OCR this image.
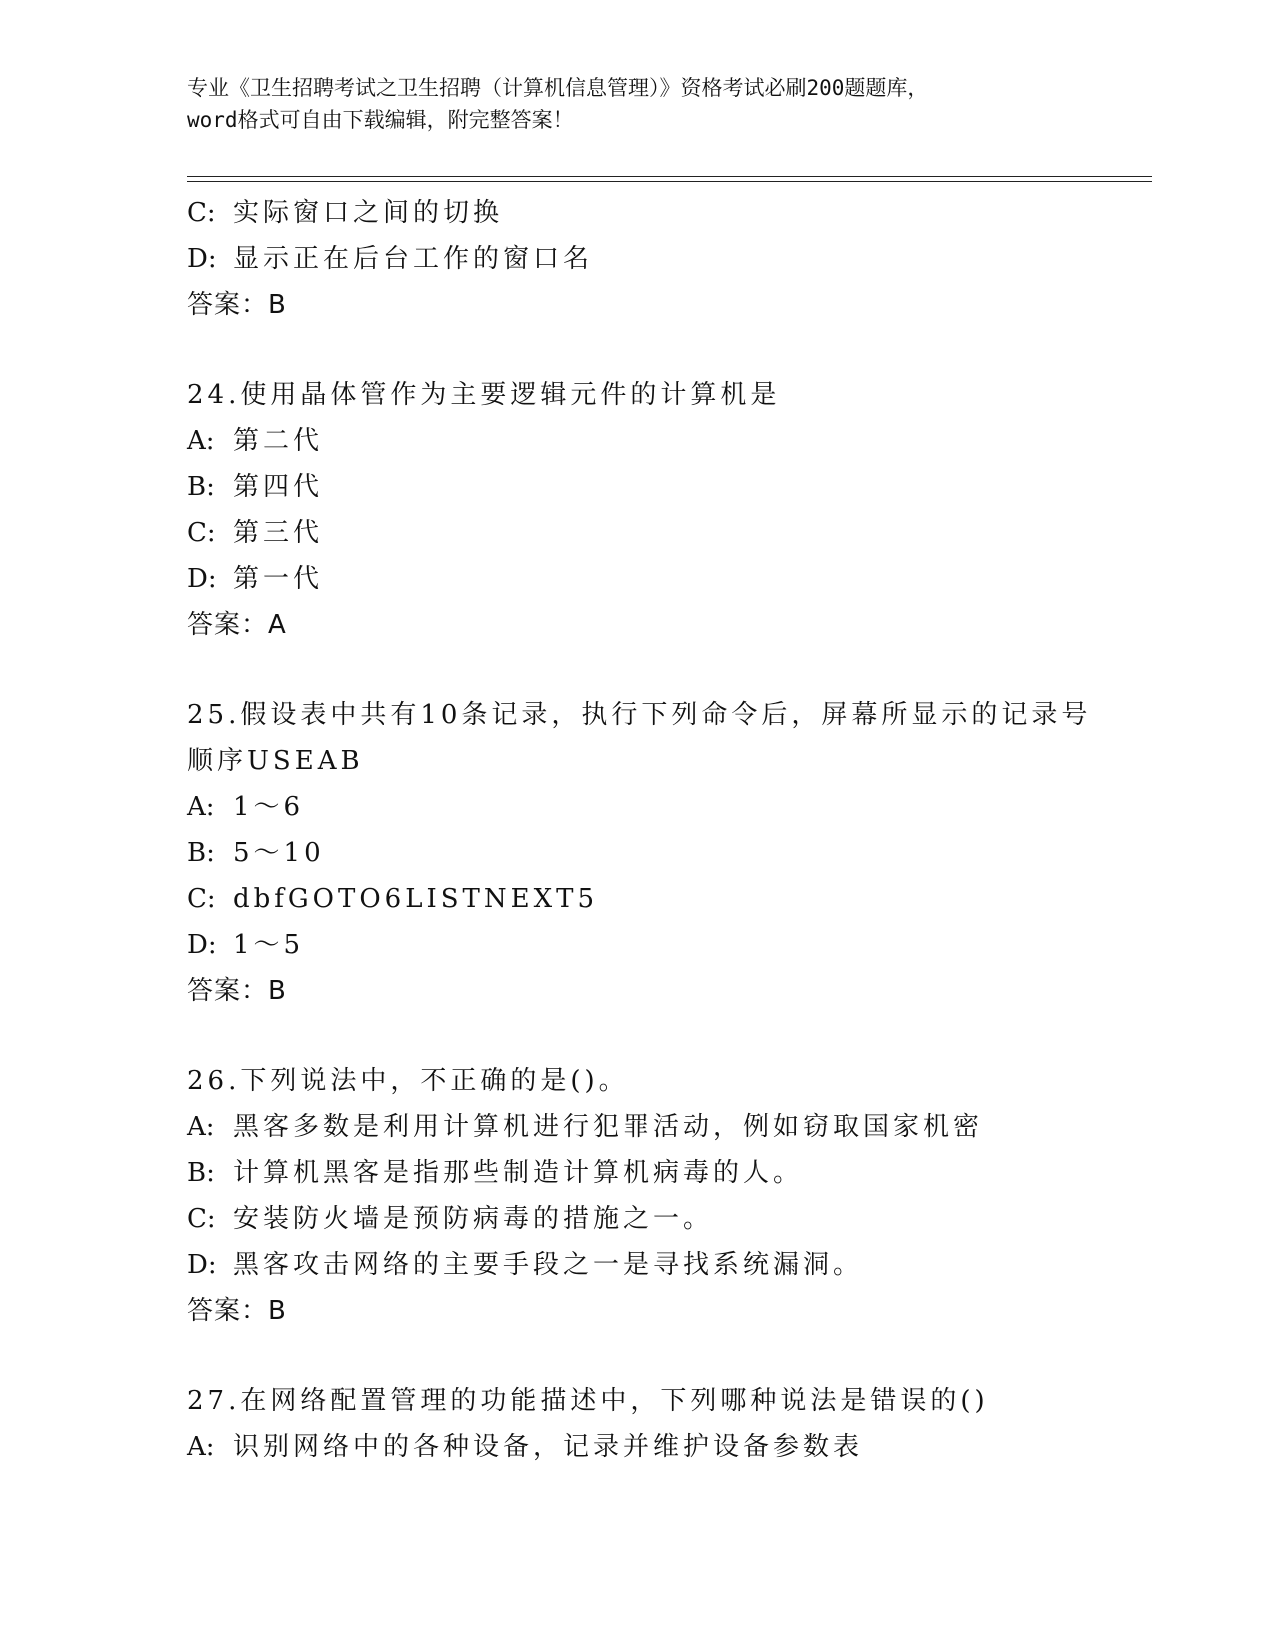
专业《卫生招聘考试之卫生招聘（计算机信息管理）》资格考试必刷200题题库，
word格式可自由下载编辑，附完整答案！
C: 实际窗口之间的切换
D: 显示正在后台工作的窗口名
答案：B
24.使用晶体管作为主要逻辑元件的计算机是
A: 第二代
B: 第四代
C: 第三代
D: 第一代
答案：A
25.假设表中共有10条记录，执行下列命令后，屏幕所显示的记录号
顺序USEAB
A: 1～6
B: 5～10
C: dbfGOTO6LISTNEXT5
D: 1～5
答案：B
26.下列说法中，不正确的是()。
A: 黑客多数是利用计算机进行犯罪活动，例如窃取国家机密
B: 计算机黑客是指那些制造计算机病毒的人。
C: 安装防火墙是预防病毒的措施之一。
D: 黑客攻击网络的主要手段之一是寻找系统漏洞。
答案：B
27.在网络配置管理的功能描述中，下列哪种说法是错误的()
A: 识别网络中的各种设备，记录并维护设备参数表
